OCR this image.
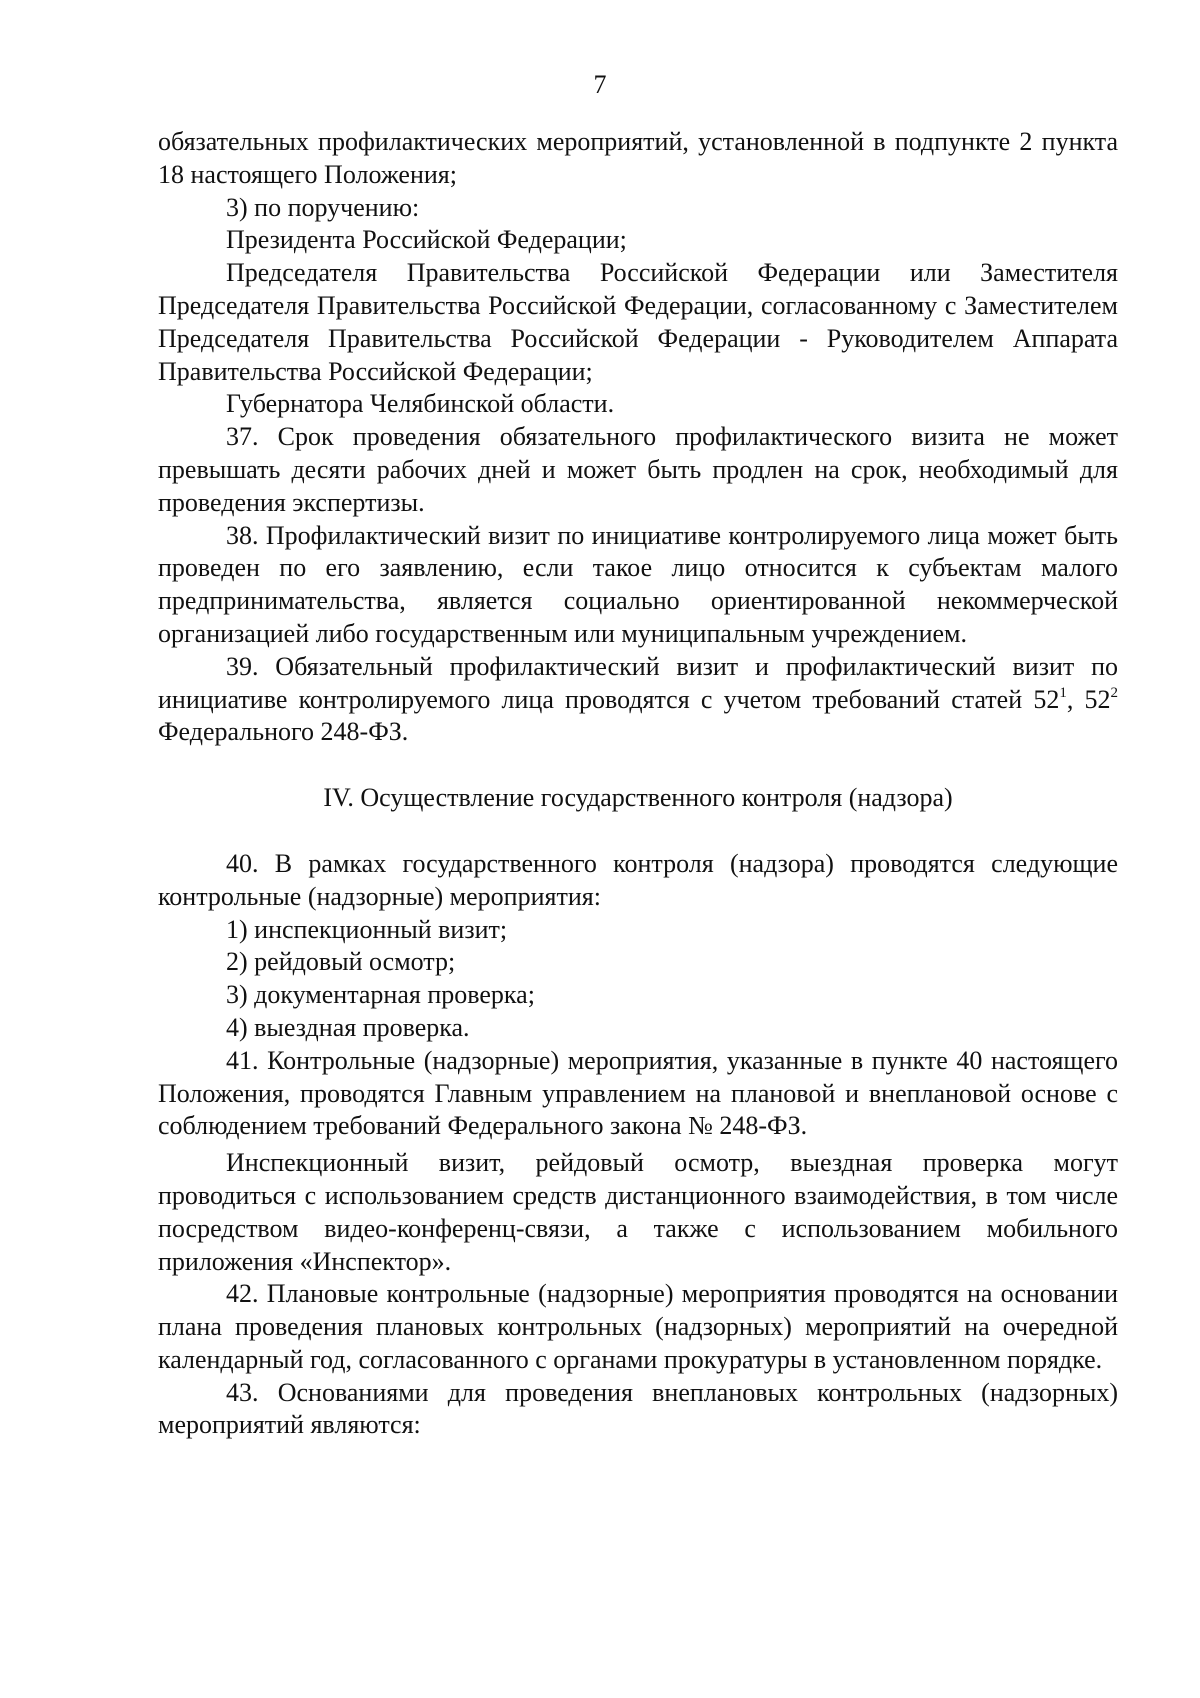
7

обязательных профилактических мероприятий, установленной в подпункте 2 пункта 18 настоящего Положения;

3) по поручению:

Президента Российской Федерации;

Председателя Правительства Российской Федерации или Заместителя Председателя Правительства Российской Федерации, согласованному с Заместителем Председателя Правительства Российской Федерации - Руководителем Аппарата Правительства Российской Федерации;

Губернатора Челябинской области.

37. Срок проведения обязательного профилактического визита не может превышать десяти рабочих дней и может быть продлен на срок, необходимый для проведения экспертизы.

38. Профилактический визит по инициативе контролируемого лица может быть проведен по его заявлению, если такое лицо относится к субъектам малого предпринимательства, является социально ориентированной некоммерческой организацией либо государственным или муниципальным учреждением.

39. Обязательный профилактический визит и профилактический визит по инициативе контролируемого лица проводятся с учетом требований статей $52^1$, $52^2$ Федерального 248-ФЗ.

IV. Осуществление государственного контроля (надзора)

40. В рамках государственного контроля (надзора) проводятся следующие контрольные (надзорные) мероприятия:

1) инспекционный визит;

2) рейдовый осмотр;

3) документарная проверка;

4) выездная проверка.

41. Контрольные (надзорные) мероприятия, указанные в пункте 40 настоящего Положения, проводятся Главным управлением на плановой и внеплановой основе с соблюдением требований Федерального закона № 248-ФЗ.

Инспекционный визит, рейдовый осмотр, выездная проверка могут проводиться с использованием средств дистанционного взаимодействия, в том числе посредством видео-конференц-связи, а также с использованием мобильного приложения «Инспектор».

42. Плановые контрольные (надзорные) мероприятия проводятся на основании плана проведения плановых контрольных (надзорных) мероприятий на очередной календарный год, согласованного с органами прокуратуры в установленном порядке.

43. Основаниями для проведения внеплановых контрольных (надзорных) мероприятий являются:
